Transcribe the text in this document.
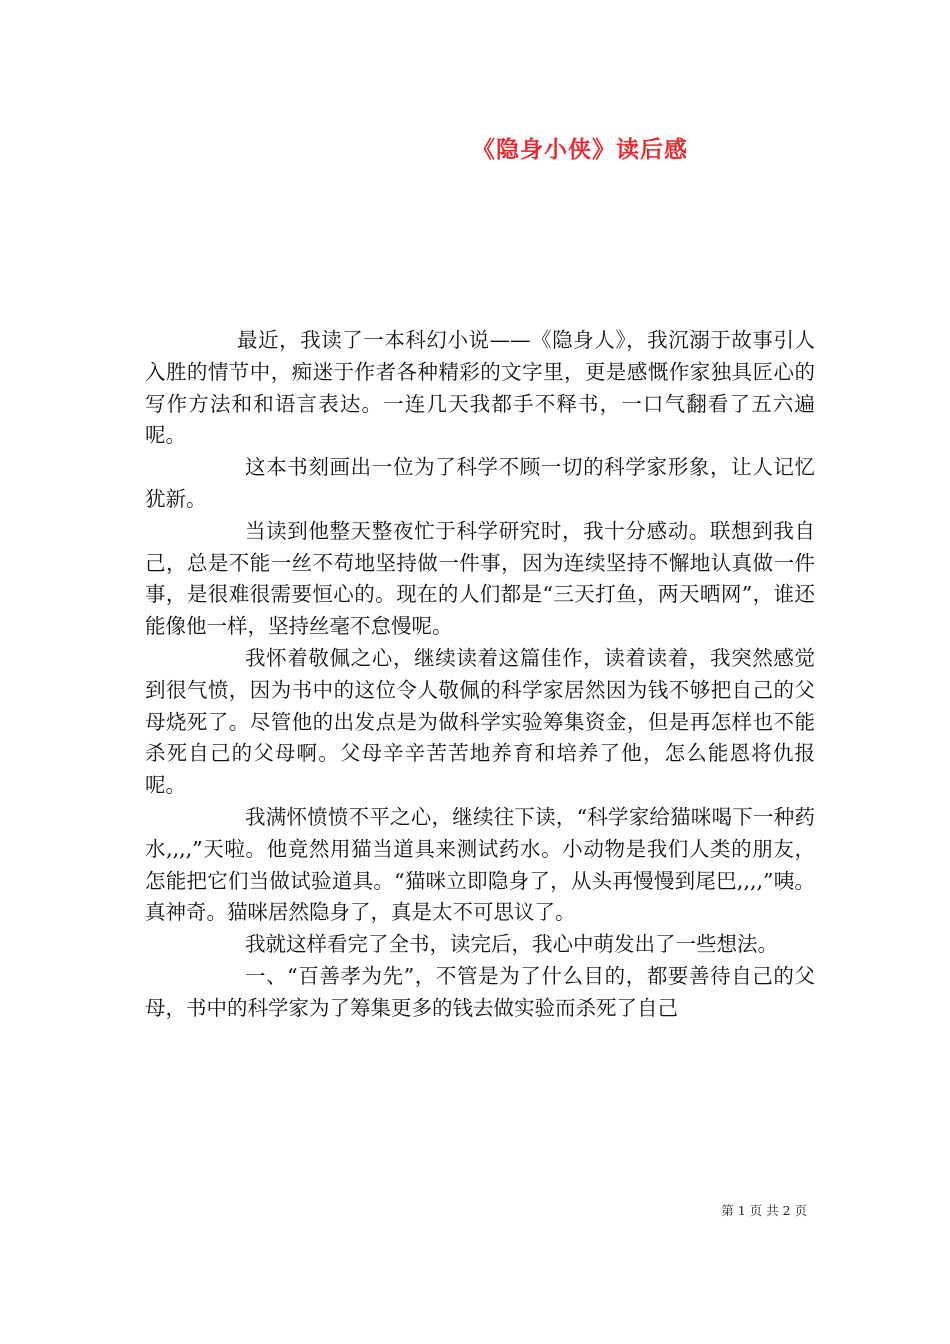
《隐身小侠》读后感

最近，我读了一本科幻小说——《隐身人》，我沉溺于故事引人入胜的情节中，痴迷于作者各种精彩的文字里，更是感慨作家独具匠心的写作方法和和语言表达。一连几天我都手不释书，一口气翻看了五六遍呢。

这本书刻画出一位为了科学不顾一切的科学家形象，让人记忆犹新。

当读到他整天整夜忙于科学研究时，我十分感动。联想到我自己，总是不能一丝不苟地坚持做一件事，因为连续坚持不懈地认真做一件事，是很难很需要恒心的。现在的人们都是“三天打鱼，两天晒网”，谁还能像他一样，坚持丝毫不怠慢呢。

我怀着敬佩之心，继续读着这篇佳作，读着读着，我突然感觉到很气愤，因为书中的这位令人敬佩的科学家居然因为钱不够把自己的父母烧死了。尽管他的出发点是为做科学实验筹集资金，但是再怎样也不能杀死自己的父母啊。父母辛辛苦苦地养育和培养了他，怎么能恩将仇报呢。

我满怀愤愤不平之心，继续往下读，“科学家给猫咪喝下一种药水,,,,”天啦。他竟然用猫当道具来测试药水。小动物是我们人类的朋友，怎能把它们当做试验道具。“猫咪立即隐身了，从头再慢慢到尾巴,,,,”咦。真神奇。猫咪居然隐身了，真是太不可思议了。

我就这样看完了全书，读完后，我心中萌发出了一些想法。

一、“百善孝为先”，不管是为了什么目的，都要善待自己的父母，书中的科学家为了筹集更多的钱去做实验而杀死了自己

第 1 页 共 2 页
